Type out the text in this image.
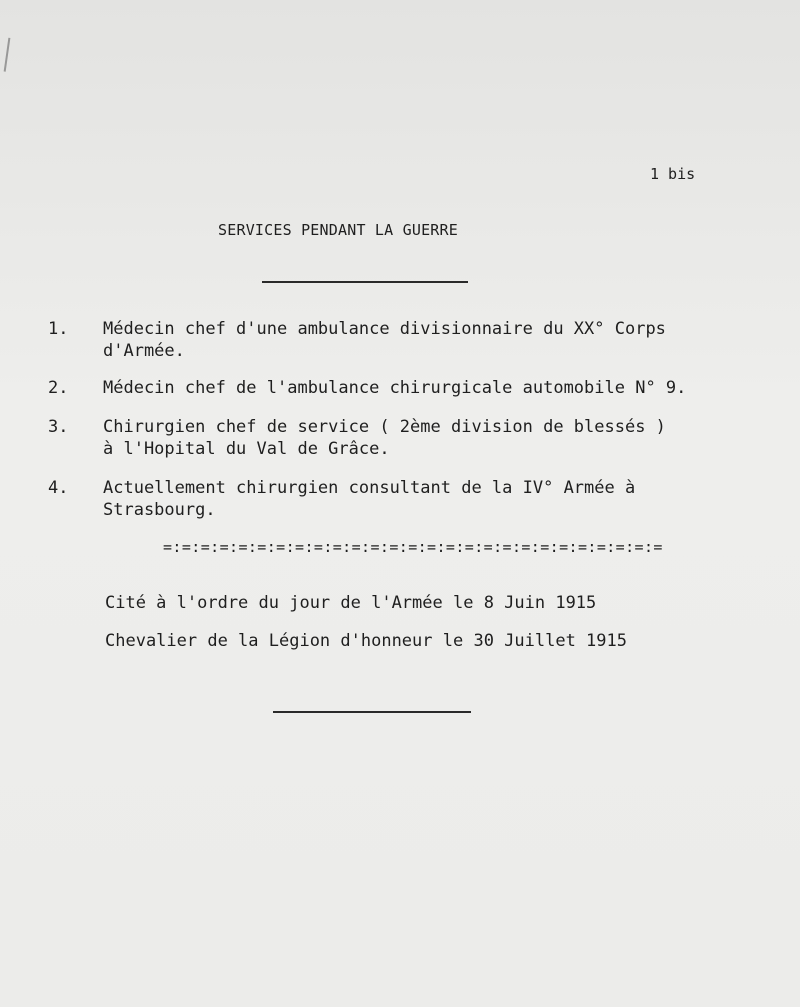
1 bis
SERVICES PENDANT LA GUERRE
1.	Médecin chef d'une ambulance divisionnaire du XX° Corps
d'Armée.
2.	Médecin chef de l'ambulance chirurgicale automobile N° 9.
3.	Chirurgien chef de service ( 2ème division de blessés )
à l'Hopital du Val de Grâce.
4.	Actuellement chirurgien consultant de la IV° Armée à
Strasbourg.
=:=:=:=:=:=:=:=:=:=:=:=:=:=:=:=:=:=:=:=:=:=:=:=:=:=:=
Cité à l'ordre du jour de l'Armée le 8 Juin 1915
Chevalier de la Légion d'honneur le 30 Juillet 1915
